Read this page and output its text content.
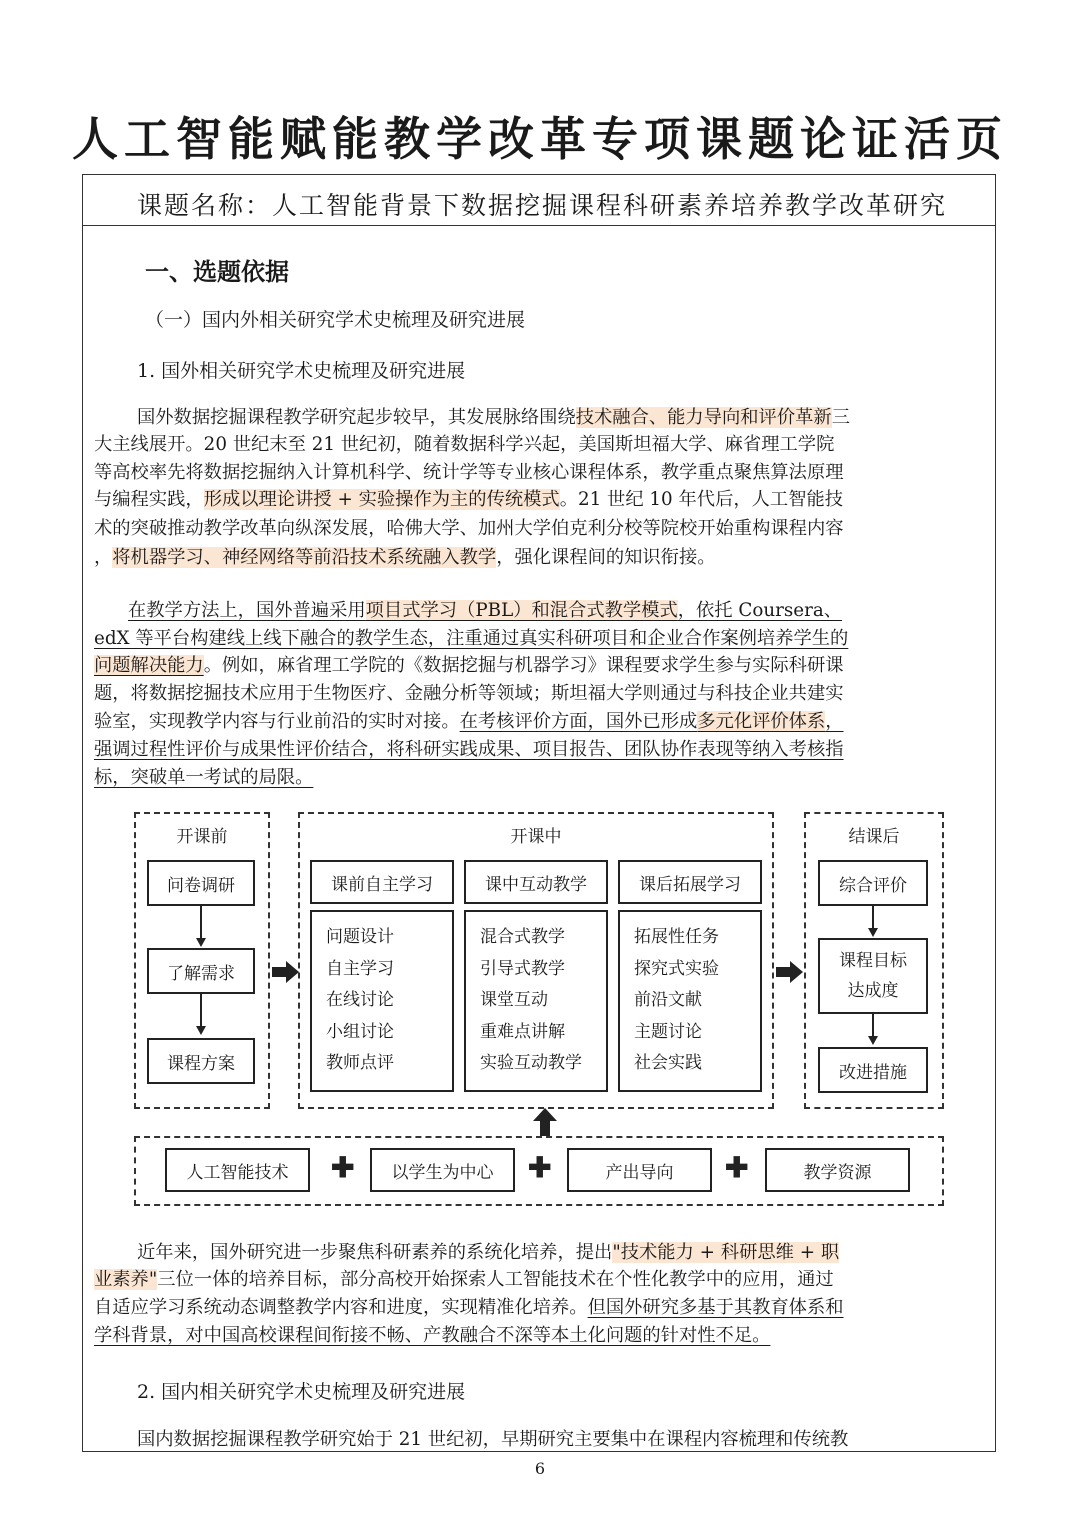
人工智能赋能教学改革专项课题论证活页
课题名称：人工智能背景下数据挖掘课程科研素养培养教学改革研究
一、选题依据
（一）国内外相关研究学术史梳理及研究进展
1. 国外相关研究学术史梳理及研究进展
国外数据挖掘课程教学研究起步较早，其发展脉络围绕技术融合、能力导向和评价革新三
大主线展开。20 世纪末至 21 世纪初，随着数据科学兴起，美国斯坦福大学、麻省理工学院
等高校率先将数据挖掘纳入计算机科学、统计学等专业核心课程体系，教学重点聚焦算法原理
与编程实践，形成以理论讲授 + 实验操作为主的传统模式。21 世纪 10 年代后，人工智能技
术的突破推动教学改革向纵深发展，哈佛大学、加州大学伯克利分校等院校开始重构课程内容
，将机器学习、神经网络等前沿技术系统融入教学，强化课程间的知识衔接。
在教学方法上，国外普遍采用项目式学习（PBL）和混合式教学模式，依托 Coursera、
edX 等平台构建线上线下融合的教学生态，注重通过真实科研项目和企业合作案例培养学生的
问题解决能力。例如，麻省理工学院的《数据挖掘与机器学习》课程要求学生参与实际科研课
题，将数据挖掘技术应用于生物医疗、金融分析等领域；斯坦福大学则通过与科技企业共建实
验室，实现教学内容与行业前沿的实时对接。在考核评价方面，国外已形成多元化评价体系，
强调过程性评价与成果性评价结合，将科研实践成果、项目报告、团队协作表现等纳入考核指
标，突破单一考试的局限。
开课前
问卷调研
了解需求
课程方案
开课中
课前自主学习
问题设计
自主学习
在线讨论
小组讨论
教师点评
课中互动教学
混合式教学
引导式教学
课堂互动
重难点讲解
实验互动教学
课后拓展学习
拓展性任务
探究式实验
前沿文献
主题讨论
社会实践
结课后
综合评价
课程目标
达成度
改进措施
人工智能技术	✚	以学生为中心	✚	产出导向	✚	教学资源
近年来，国外研究进一步聚焦科研素养的系统化培养，提出"技术能力 + 科研思维 + 职
业素养"三位一体的培养目标，部分高校开始探索人工智能技术在个性化教学中的应用，通过
自适应学习系统动态调整教学内容和进度，实现精准化培养。但国外研究多基于其教育体系和
学科背景，对中国高校课程间衔接不畅、产教融合不深等本土化问题的针对性不足。
2. 国内相关研究学术史梳理及研究进展
国内数据挖掘课程教学研究始于 21 世纪初，早期研究主要集中在课程内容梳理和传统教
6
